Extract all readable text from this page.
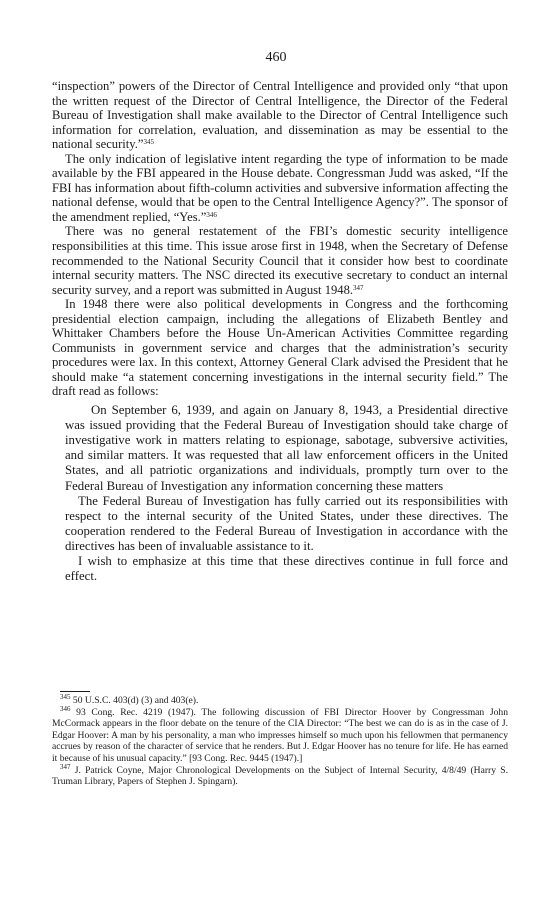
460

“inspection” powers of the Director of Central Intelligence and provided only “that upon the written request of the Director of Central Intelligence, the Director of the Federal Bureau of Investigation shall make available to the Director of Central Intelligence such information for correlation, evaluation, and dissemination as may be essential to the national security.”$^{345}$

The only indication of legislative intent regarding the type of information to be made available by the FBI appeared in the House debate. Congressman Judd was asked, “If the FBI has information about fifth-column activities and subversive information affecting the national defense, would that be open to the Central Intelligence Agency?”. The sponsor of the amendment replied, “Yes.”$^{346}$

There was no general restatement of the FBI’s domestic security intelligence responsibilities at this time. This issue arose first in 1948, when the Secretary of Defense recommended to the National Security Council that it consider how best to coordinate internal security matters. The NSC directed its executive secretary to conduct an internal security survey, and a report was submitted in August 1948.$^{347}$

In 1948 there were also political developments in Congress and the forthcoming presidential election campaign, including the allegations of Elizabeth Bentley and Whittaker Chambers before the House Un-American Activities Committee regarding Communists in government service and charges that the administration’s security procedures were lax. In this context, Attorney General Clark advised the President that he should make “a statement concerning investigations in the internal security field.” The draft read as follows:

On September 6, 1939, and again on January 8, 1943, a Presidential directive was issued providing that the Federal Bureau of Investigation should take charge of investigative work in matters relating to espionage, sabotage, subversive activities, and similar matters. It was requested that all law enforcement officers in the United States, and all patriotic organizations and individuals, promptly turn over to the Federal Bureau of Investigation any information concerning these matters

The Federal Bureau of Investigation has fully carried out its responsibilities with respect to the internal security of the United States, under these directives. The cooperation rendered to the Federal Bureau of Investigation in accordance with the directives has been of invaluable assistance to it.

I wish to emphasize at this time that these directives continue in full force and effect.

$^{345}$ 50 U.S.C. 403(d) (3) and 403(e).

$^{346}$ 93 Cong. Rec. 4219 (1947). The following discussion of FBI Director Hoover by Congressman John McCormack appears in the floor debate on the tenure of the CIA Director: “The best we can do is as in the case of J. Edgar Hoover: A man by his personality, a man who impresses himself so much upon his fellowmen that permanency accrues by reason of the character of service that he renders. But J. Edgar Hoover has no tenure for life. He has earned it because of his unusual capacity.” [93 Cong. Rec. 9445 (1947).]

$^{347}$ J. Patrick Coyne, Major Chronological Developments on the Subject of Internal Security, 4/8/49 (Harry S. Truman Library, Papers of Stephen J. Spingarn).
